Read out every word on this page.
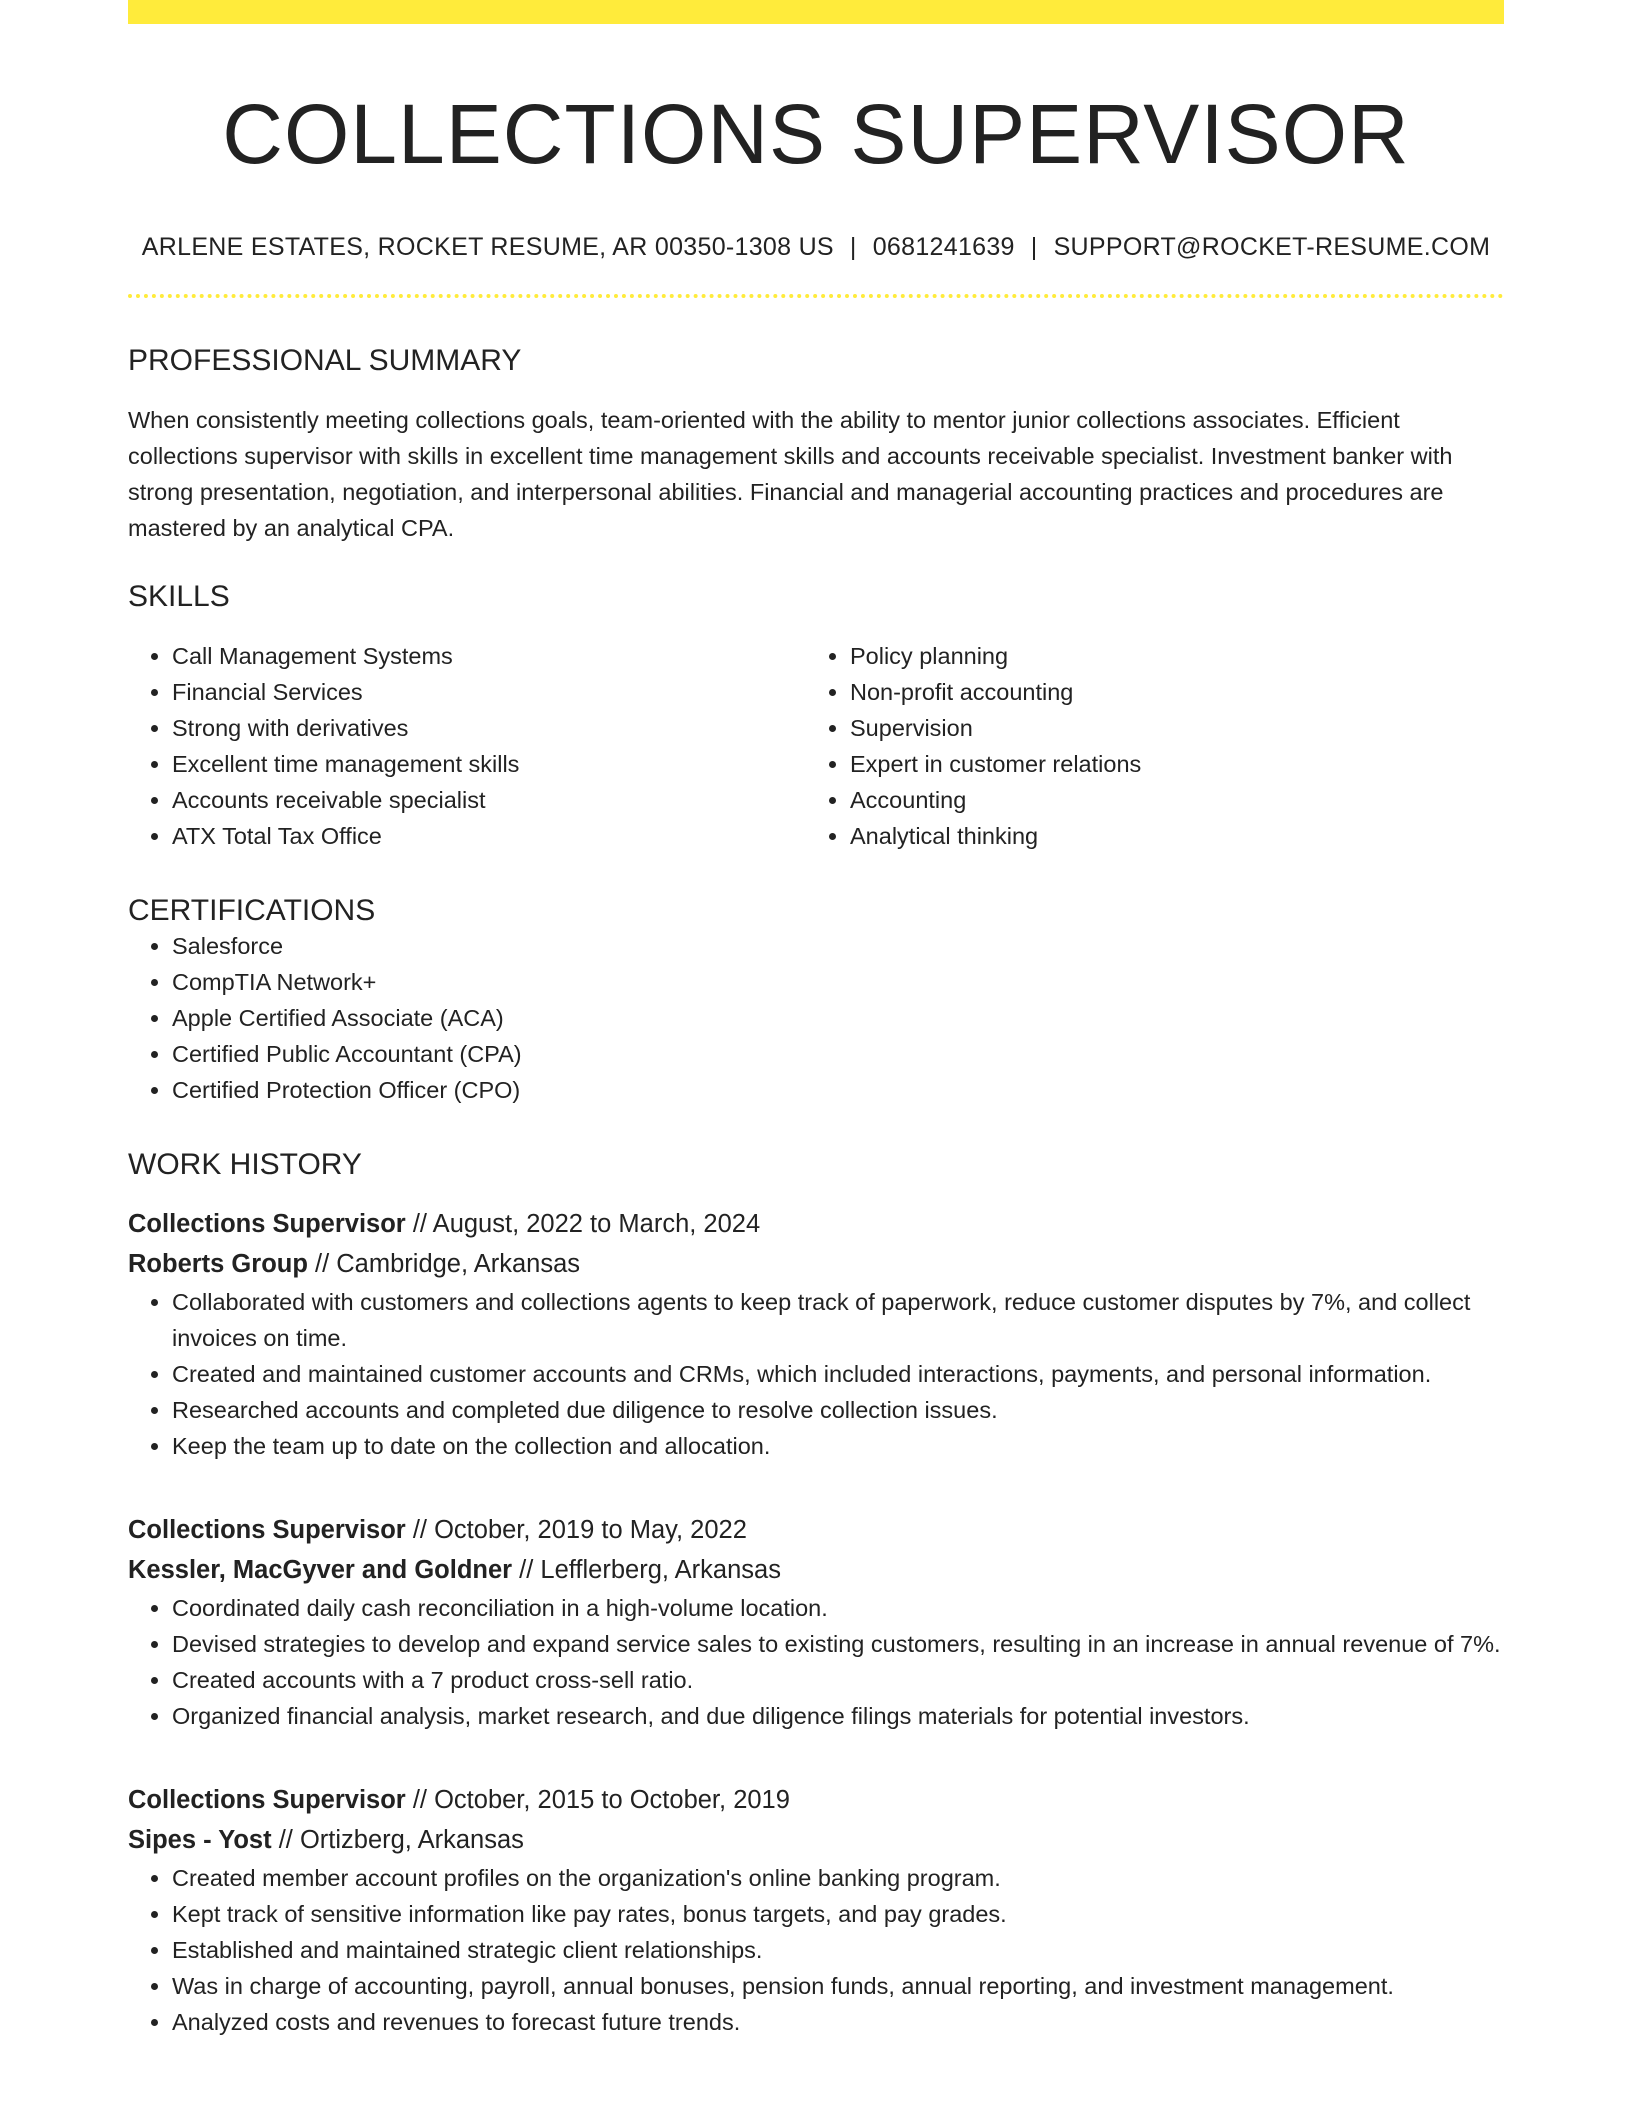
COLLECTIONS SUPERVISOR
ARLENE ESTATES, ROCKET RESUME, AR 00350-1308 US | 0681241639 | SUPPORT@ROCKET-RESUME.COM
PROFESSIONAL SUMMARY

When consistently meeting collections goals, team-oriented with the ability to mentor junior collections associates. Efficient collections supervisor with skills in excellent time management skills and accounts receivable specialist. Investment banker with strong presentation, negotiation, and interpersonal abilities. Financial and managerial accounting practices and procedures are mastered by an analytical CPA.

SKILLS
• Call Management Systems
• Financial Services
• Strong with derivatives
• Excellent time management skills
• Accounts receivable specialist
• ATX Total Tax Office
• Policy planning
• Non-profit accounting
• Supervision
• Expert in customer relations
• Accounting
• Analytical thinking
CERTIFICATIONS
• Salesforce
• CompTIA Network+
• Apple Certified Associate (ACA)
• Certified Public Accountant (CPA)
• Certified Protection Officer (CPO)
WORK HISTORY
Collections Supervisor // August, 2022 to March, 2024
Roberts Group // Cambridge, Arkansas
• Collaborated with customers and collections agents to keep track of paperwork, reduce customer disputes by 7%, and collect invoices on time.
• Created and maintained customer accounts and CRMs, which included interactions, payments, and personal information.
• Researched accounts and completed due diligence to resolve collection issues.
• Keep the team up to date on the collection and allocation.
Collections Supervisor // October, 2019 to May, 2022
Kessler, MacGyver and Goldner // Lefflerberg, Arkansas
• Coordinated daily cash reconciliation in a high-volume location.
• Devised strategies to develop and expand service sales to existing customers, resulting in an increase in annual revenue of 7%.
• Created accounts with a 7 product cross-sell ratio.
• Organized financial analysis, market research, and due diligence filings materials for potential investors.
Collections Supervisor // October, 2015 to October, 2019
Sipes - Yost // Ortizberg, Arkansas
• Created member account profiles on the organization's online banking program.
• Kept track of sensitive information like pay rates, bonus targets, and pay grades.
• Established and maintained strategic client relationships.
• Was in charge of accounting, payroll, annual bonuses, pension funds, annual reporting, and investment management.
• Analyzed costs and revenues to forecast future trends.
